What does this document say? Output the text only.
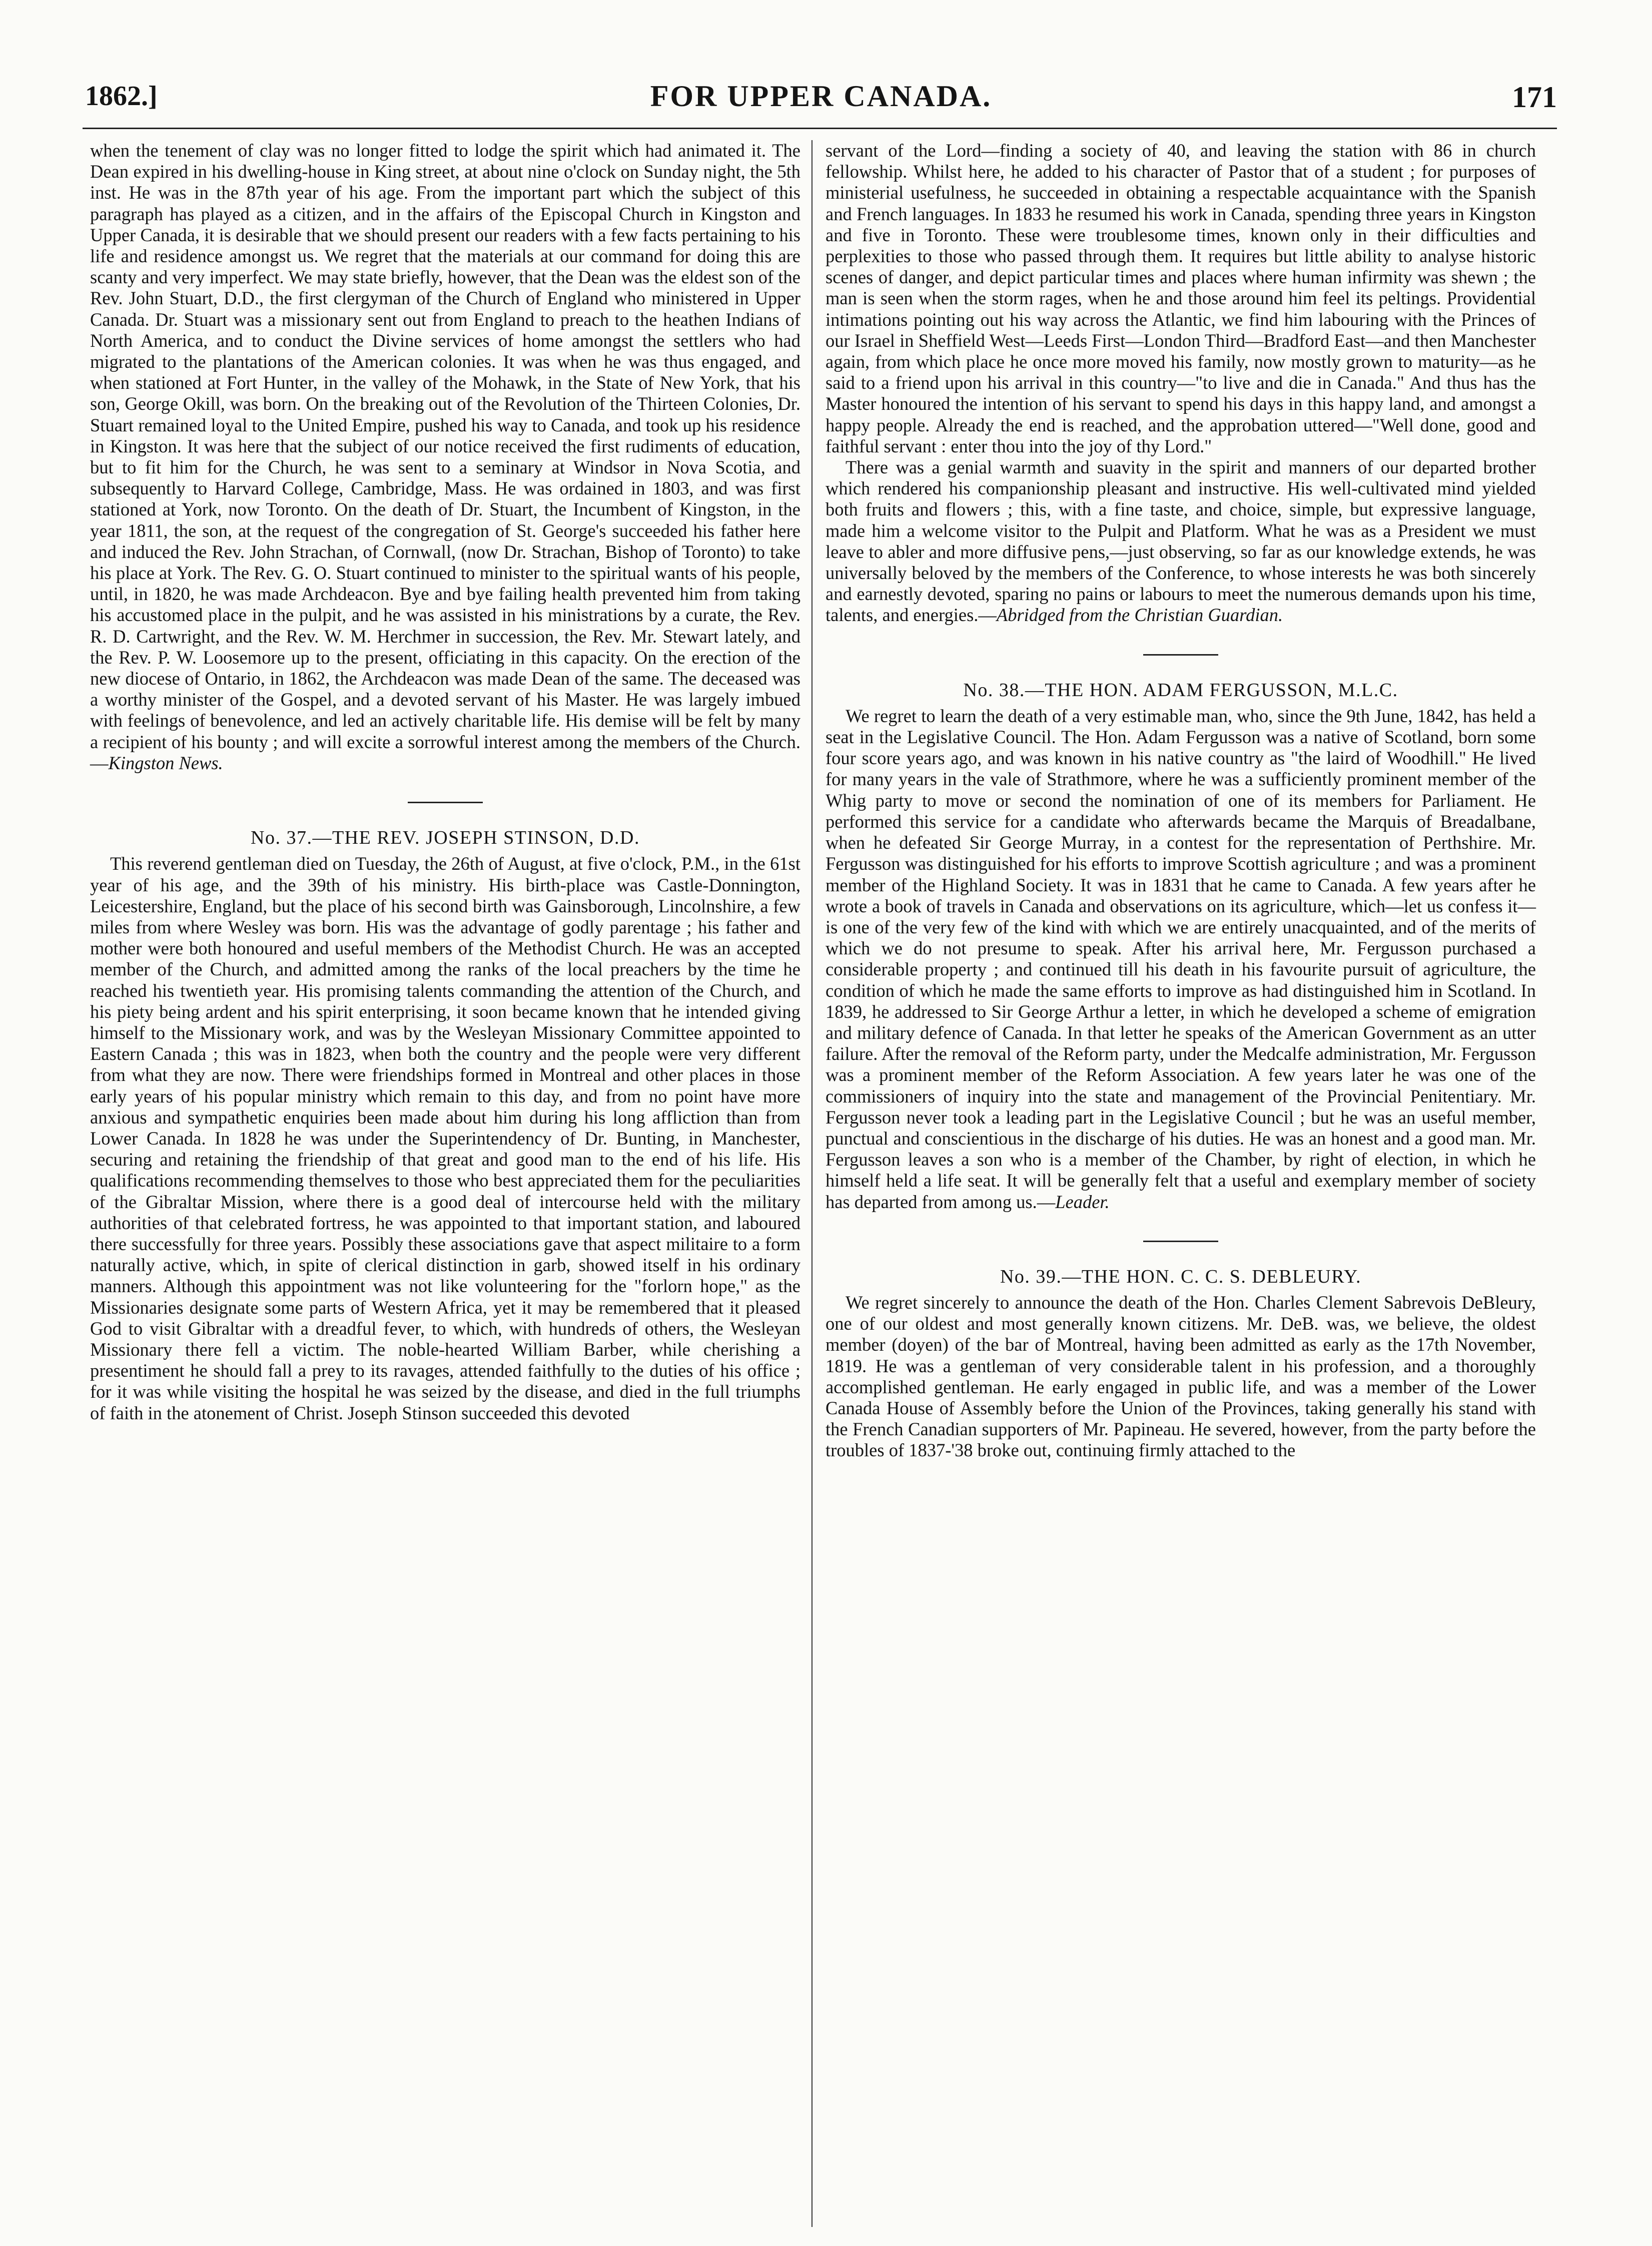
1862.]	FOR UPPER CANADA.	171

when the tenement of clay was no longer fitted to lodge the spirit which had animated it. The Dean expired in his dwelling-house in King street, at about nine o'clock on Sunday night, the 5th inst. He was in the 87th year of his age. From the important part which the subject of this paragraph has played as a citizen, and in the affairs of the Episcopal Church in Kingston and Upper Canada, it is desirable that we should present our readers with a few facts pertaining to his life and residence amongst us. We regret that the materials at our command for doing this are scanty and very imperfect. We may state briefly, however, that the Dean was the eldest son of the Rev. John Stuart, D.D., the first clergyman of the Church of England who ministered in Upper Canada. Dr. Stuart was a missionary sent out from England to preach to the heathen Indians of North America, and to conduct the Divine services of home amongst the settlers who had migrated to the plantations of the American colonies. It was when he was thus engaged, and when stationed at Fort Hunter, in the valley of the Mohawk, in the State of New York, that his son, George Okill, was born. On the breaking out of the Revolution of the Thirteen Colonies, Dr. Stuart remained loyal to the United Empire, pushed his way to Canada, and took up his residence in Kingston. It was here that the subject of our notice received the first rudiments of education, but to fit him for the Church, he was sent to a seminary at Windsor in Nova Scotia, and subsequently to Harvard College, Cambridge, Mass. He was ordained in 1803, and was first stationed at York, now Toronto. On the death of Dr. Stuart, the Incumbent of Kingston, in the year 1811, the son, at the request of the congregation of St. George's succeeded his father here and induced the Rev. John Strachan, of Cornwall, (now Dr. Strachan, Bishop of Toronto) to take his place at York. The Rev. G. O. Stuart continued to minister to the spiritual wants of his people, until, in 1820, he was made Archdeacon. Bye and bye failing health prevented him from taking his accustomed place in the pulpit, and he was assisted in his ministrations by a curate, the Rev. R. D. Cartwright, and the Rev. W. M. Herchmer in succession, the Rev. Mr. Stewart lately, and the Rev. P. W. Loosemore up to the present, officiating in this capacity. On the erection of the new diocese of Ontario, in 1862, the Archdeacon was made Dean of the same. The deceased was a worthy minister of the Gospel, and a devoted servant of his Master. He was largely imbued with feelings of benevolence, and led an actively charitable life. His demise will be felt by many a recipient of his bounty ; and will excite a sorrowful interest among the members of the Church.—Kingston News.

No. 37.—THE REV. JOSEPH STINSON, D.D.

This reverend gentleman died on Tuesday, the 26th of August, at five o'clock, P.M., in the 61st year of his age, and the 39th of his ministry. His birth-place was Castle-Donnington, Leicestershire, England, but the place of his second birth was Gainsborough, Lincolnshire, a few miles from where Wesley was born. His was the advantage of godly parentage ; his father and mother were both honoured and useful members of the Methodist Church. He was an accepted member of the Church, and admitted among the ranks of the local preachers by the time he reached his twentieth year. His promising talents commanding the attention of the Church, and his piety being ardent and his spirit enterprising, it soon became known that he intended giving himself to the Missionary work, and was by the Wesleyan Missionary Committee appointed to Eastern Canada ; this was in 1823, when both the country and the people were very different from what they are now. There were friendships formed in Montreal and other places in those early years of his popular ministry which remain to this day, and from no point have more anxious and sympathetic enquiries been made about him during his long affliction than from Lower Canada. In 1828 he was under the Superintendency of Dr. Bunting, in Manchester, securing and retaining the friendship of that great and good man to the end of his life. His qualifications recommending themselves to those who best appreciated them for the peculiarities of the Gibraltar Mission, where there is a good deal of intercourse held with the military authorities of that celebrated fortress, he was appointed to that important station, and laboured there successfully for three years. Possibly these associations gave that aspect militaire to a form naturally active, which, in spite of clerical distinction in garb, showed itself in his ordinary manners. Although this appointment was not like volunteering for the "forlorn hope," as the Missionaries designate some parts of Western Africa, yet it may be remembered that it pleased God to visit Gibraltar with a dreadful fever, to which, with hundreds of others, the Wesleyan Missionary there fell a victim. The noble-hearted William Barber, while cherishing a presentiment he should fall a prey to its ravages, attended faithfully to the duties of his office ; for it was while visiting the hospital he was seized by the disease, and died in the full triumphs of faith in the atonement of Christ. Joseph Stinson succeeded this devoted

servant of the Lord—finding a society of 40, and leaving the station with 86 in church fellowship. Whilst here, he added to his character of Pastor that of a student ; for purposes of ministerial usefulness, he succeeded in obtaining a respectable acquaintance with the Spanish and French languages. In 1833 he resumed his work in Canada, spending three years in Kingston and five in Toronto. These were troublesome times, known only in their difficulties and perplexities to those who passed through them. It requires but little ability to analyse historic scenes of danger, and depict particular times and places where human infirmity was shewn ; the man is seen when the storm rages, when he and those around him feel its peltings. Providential intimations pointing out his way across the Atlantic, we find him labouring with the Princes of our Israel in Sheffield West—Leeds First—London Third—Bradford East—and then Manchester again, from which place he once more moved his family, now mostly grown to maturity—as he said to a friend upon his arrival in this country—"to live and die in Canada." And thus has the Master honoured the intention of his servant to spend his days in this happy land, and amongst a happy people. Already the end is reached, and the approbation uttered—"Well done, good and faithful servant : enter thou into the joy of thy Lord."

There was a genial warmth and suavity in the spirit and manners of our departed brother which rendered his companionship pleasant and instructive. His well-cultivated mind yielded both fruits and flowers ; this, with a fine taste, and choice, simple, but expressive language, made him a welcome visitor to the Pulpit and Platform. What he was as a President we must leave to abler and more diffusive pens,—just observing, so far as our knowledge extends, he was universally beloved by the members of the Conference, to whose interests he was both sincerely and earnestly devoted, sparing no pains or labours to meet the numerous demands upon his time, talents, and energies.—Abridged from the Christian Guardian.

No. 38.—THE HON. ADAM FERGUSSON, M.L.C.

We regret to learn the death of a very estimable man, who, since the 9th June, 1842, has held a seat in the Legislative Council. The Hon. Adam Fergusson was a native of Scotland, born some four score years ago, and was known in his native country as "the laird of Woodhill." He lived for many years in the vale of Strathmore, where he was a sufficiently prominent member of the Whig party to move or second the nomination of one of its members for Parliament. He performed this service for a candidate who afterwards became the Marquis of Breadalbane, when he defeated Sir George Murray, in a contest for the representation of Perthshire. Mr. Fergusson was distinguished for his efforts to improve Scottish agriculture ; and was a prominent member of the Highland Society. It was in 1831 that he came to Canada. A few years after he wrote a book of travels in Canada and observations on its agriculture, which—let us confess it—is one of the very few of the kind with which we are entirely unacquainted, and of the merits of which we do not presume to speak. After his arrival here, Mr. Fergusson purchased a considerable property ; and continued till his death in his favourite pursuit of agriculture, the condition of which he made the same efforts to improve as had distinguished him in Scotland. In 1839, he addressed to Sir George Arthur a letter, in which he developed a scheme of emigration and military defence of Canada. In that letter he speaks of the American Government as an utter failure. After the removal of the Reform party, under the Medcalfe administration, Mr. Fergusson was a prominent member of the Reform Association. A few years later he was one of the commissioners of inquiry into the state and management of the Provincial Penitentiary. Mr. Fergusson never took a leading part in the Legislative Council ; but he was an useful member, punctual and conscientious in the discharge of his duties. He was an honest and a good man. Mr. Fergusson leaves a son who is a member of the Chamber, by right of election, in which he himself held a life seat. It will be generally felt that a useful and exemplary member of society has departed from among us.—Leader.

No. 39.—THE HON. C. C. S. DEBLEURY.

We regret sincerely to announce the death of the Hon. Charles Clement Sabrevois DeBleury, one of our oldest and most generally known citizens. Mr. DeB. was, we believe, the oldest member (doyen) of the bar of Montreal, having been admitted as early as the 17th November, 1819. He was a gentleman of very considerable talent in his profession, and a thoroughly accomplished gentleman. He early engaged in public life, and was a member of the Lower Canada House of Assembly before the Union of the Provinces, taking generally his stand with the French Canadian supporters of Mr. Papineau. He severed, however, from the party before the troubles of 1837-'38 broke out, continuing firmly attached to the
